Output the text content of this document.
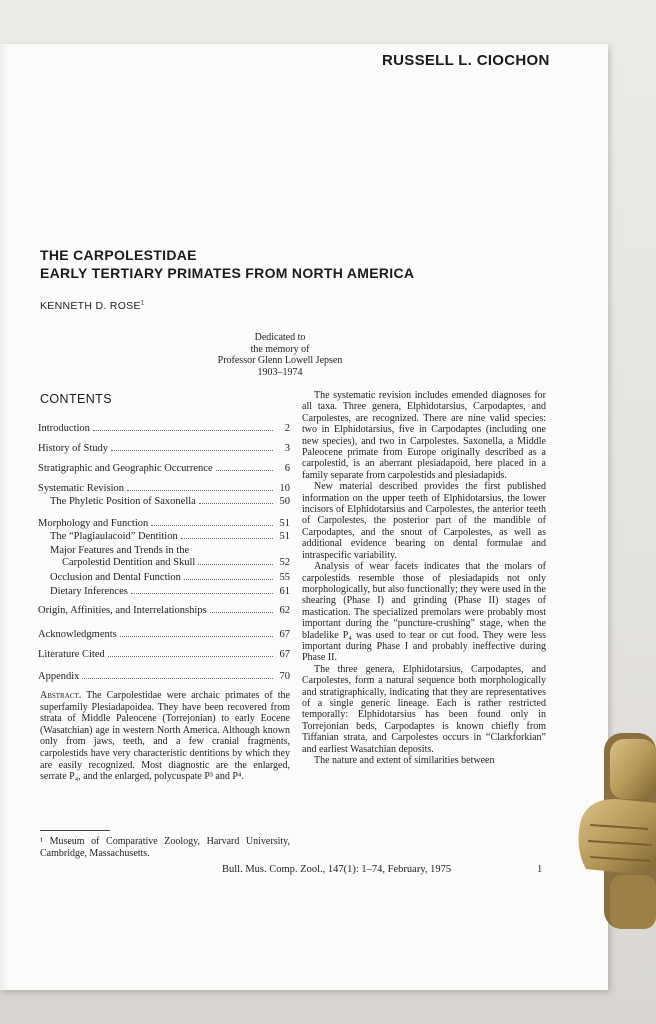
RUSSELL L. CIOCHON
THE CARPOLESTIDAE
EARLY TERTIARY PRIMATES FROM NORTH AMERICA
KENNETH D. ROSE$^1$
Dedicated to
the memory of
Professor Glenn Lowell Jepsen
1903–1974
CONTENTS
Introduction	2
History of Study	3
Stratigraphic and Geographic Occurrence	6
Systematic Revision	10
The Phyletic Position of Saxonella	50
Morphology and Function	51
The “Plagiaulacoid” Dentition	51
Major Features and Trends in the
Carpolestid Dentition and Skull	52
Occlusion and Dental Function	55
Dietary Inferences	61
Origin, Affinities, and Interrelationships	62
Acknowledgments	67
Literature Cited	67
Appendix	70
Abstract. The Carpolestidae were archaic primates of the superfamily Plesiadapoidea. They have been recovered from strata of Middle Paleocene (Torrejonian) to early Eocene (Wasatchian) age in western North America. Although known only from jaws, teeth, and a few cranial fragments, carpolestids have very characteristic dentitions by which they are easily recognized. Most diagnostic are the enlarged, serrate P₄, and the enlarged, polycuspate P³ and P⁴.
¹ Museum of Comparative Zoology, Harvard University, Cambridge, Massachusetts.

The systematic revision includes emended diagnoses for all taxa. Three genera, Elphidotarsius, Carpodaptes, and Carpolestes, are recognized. There are nine valid species: two in Elphidotarsius, five in Carpodaptes (including one new species), and two in Carpolestes. Saxonella, a Middle Paleocene primate from Europe originally described as a carpolestid, is an aberrant plesiadapoid, here placed in a family separate from carpolestids and plesiadapids.

New material described provides the first published information on the upper teeth of Elphidotarsius, the lower incisors of Elphidotarsius and Carpolestes, the anterior teeth of Carpolestes, the posterior part of the mandible of Carpodaptes, and the snout of Carpolestes, as well as additional evidence bearing on dental formulae and intraspecific variability.

Analysis of wear facets indicates that the molars of carpolestids resemble those of plesiadapids not only morphologically, but also functionally; they were used in the shearing (Phase I) and grinding (Phase II) stages of mastication. The specialized premolars were probably most important during the “puncture-crushing” stage, when the bladelike P₄ was used to tear or cut food. They were less important during Phase I and probably ineffective during Phase II.

The three genera, Elphidotarsius, Carpodaptes, and Carpolestes, form a natural sequence both morphologically and stratigraphically, indicating that they are representatives of a single generic lineage. Each is rather restricted temporally: Elphidotarsius has been found only in Torrejonian beds, Carpodaptes is known chiefly from Tiffanian strata, and Carpolestes occurs in “Clarkforkian” and earliest Wasatchian deposits.

The nature and extent of similarities between

Bull. Mus. Comp. Zool., 147(1): 1–74, February, 1975	1
